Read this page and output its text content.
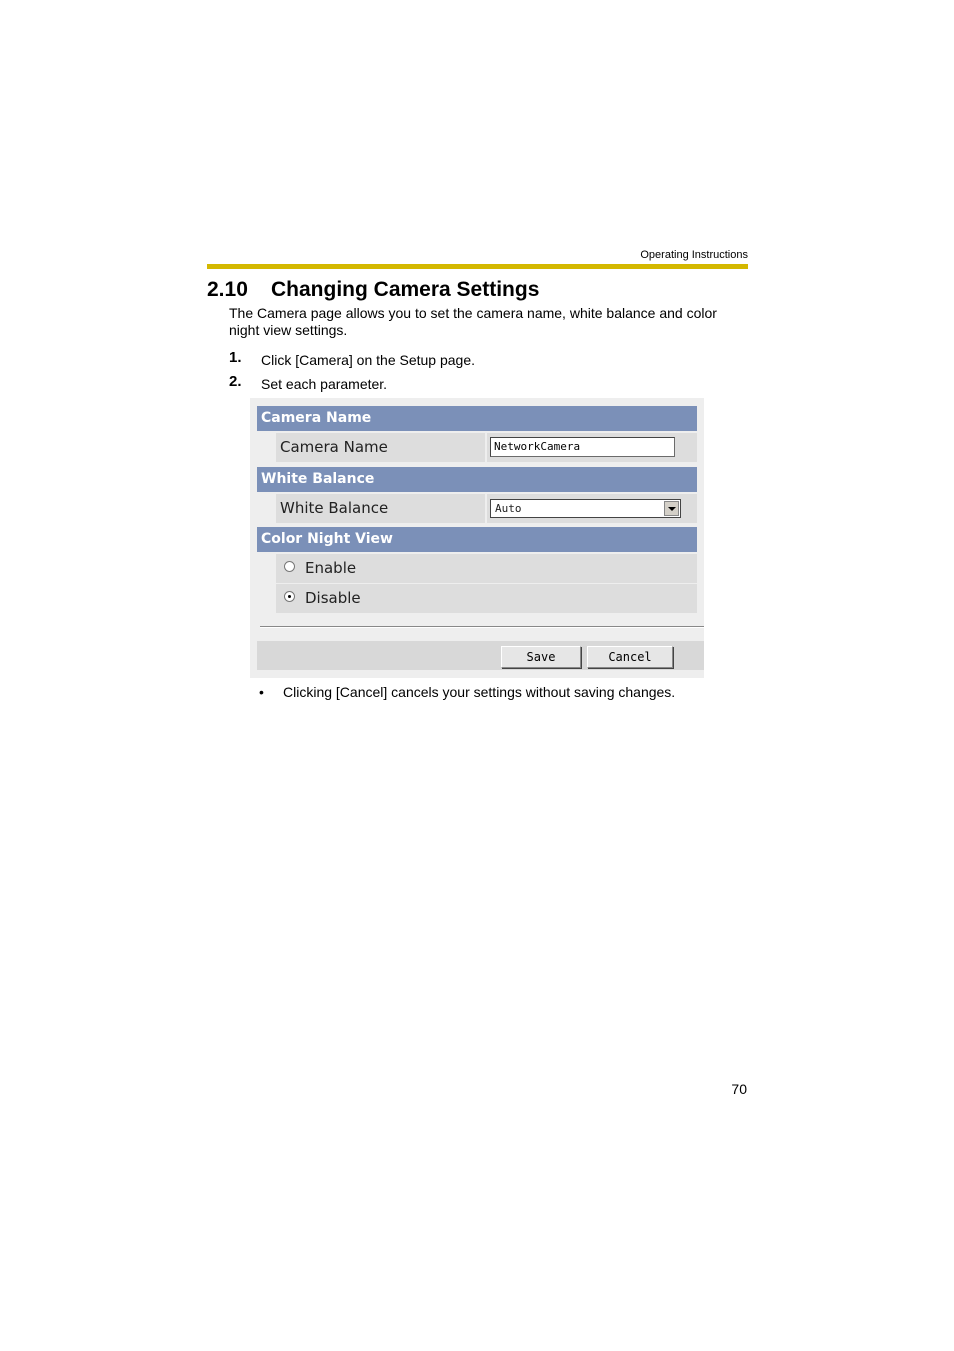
Operating Instructions
2.10 Changing Camera Settings
The Camera page allows you to set the camera name, white balance and color night view settings.
1. Click [Camera] on the Setup page.
2. Set each parameter.
Camera Name
Camera Name	NetworkCamera
White Balance
White Balance	Auto
Color Night View
Enable
Disable
Save	Cancel
• Clicking [Cancel] cancels your settings without saving changes.
70
